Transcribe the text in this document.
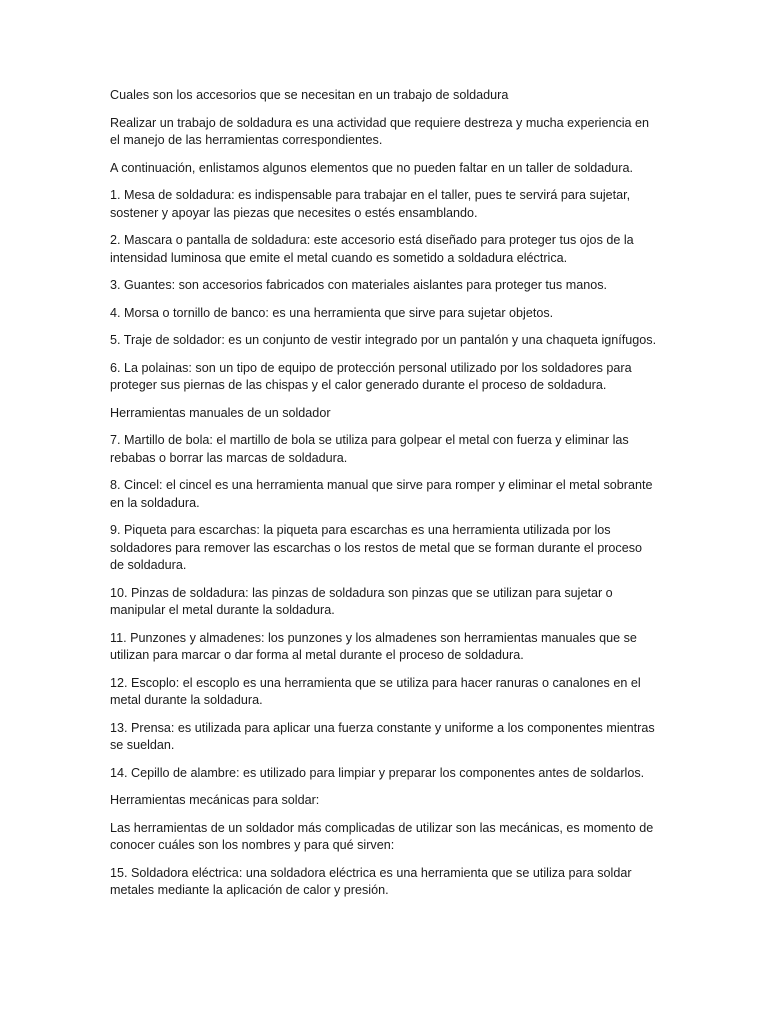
Cuales son los accesorios que se necesitan en un trabajo de soldadura

Realizar un trabajo de soldadura es una actividad que requiere destreza y mucha experiencia en el manejo de las herramientas correspondientes.

A continuación, enlistamos algunos elementos que no pueden faltar en un taller de soldadura.

1. Mesa de soldadura: es indispensable para trabajar en el taller, pues te servirá para sujetar, sostener y apoyar las piezas que necesites o estés ensamblando.

2. Mascara o pantalla de soldadura: este accesorio está diseñado para proteger tus ojos de la intensidad luminosa que emite el metal cuando es sometido a soldadura eléctrica.

3. Guantes: son accesorios fabricados con materiales aislantes para proteger tus manos.

4. Morsa o tornillo de banco: es una herramienta que sirve para sujetar objetos.

5. Traje de soldador: es un conjunto de vestir integrado por un pantalón y una chaqueta ignífugos.

6. La polainas: son un tipo de equipo de protección personal utilizado por los soldadores para proteger sus piernas de las chispas y el calor generado durante el proceso de soldadura.

Herramientas manuales de un soldador

7. Martillo de bola: el martillo de bola se utiliza para golpear el metal con fuerza y eliminar las rebabas o borrar las marcas de soldadura.

8. Cincel: el cincel es una herramienta manual que sirve para romper y eliminar el metal sobrante en la soldadura.

9. Piqueta para escarchas: la piqueta para escarchas es una herramienta utilizada por los soldadores para remover las escarchas o los restos de metal que se forman durante el proceso de soldadura.

10. Pinzas de soldadura: las pinzas de soldadura son pinzas que se utilizan para sujetar o manipular el metal durante la soldadura.

11. Punzones y almadenes: los punzones y los almadenes son herramientas manuales que se utilizan para marcar o dar forma al metal durante el proceso de soldadura.

12. Escoplo: el escoplo es una herramienta que se utiliza para hacer ranuras o canalones en el metal durante la soldadura.

13. Prensa: es utilizada para aplicar una fuerza constante y uniforme a los componentes mientras se sueldan.

14. Cepillo de alambre: es utilizado para limpiar y preparar los componentes antes de soldarlos.

Herramientas mecánicas para soldar:

Las herramientas de un soldador más complicadas de utilizar son las mecánicas, es momento de conocer cuáles son los nombres y para qué sirven:

15. Soldadora eléctrica: una soldadora eléctrica es una herramienta que se utiliza para soldar metales mediante la aplicación de calor y presión.
